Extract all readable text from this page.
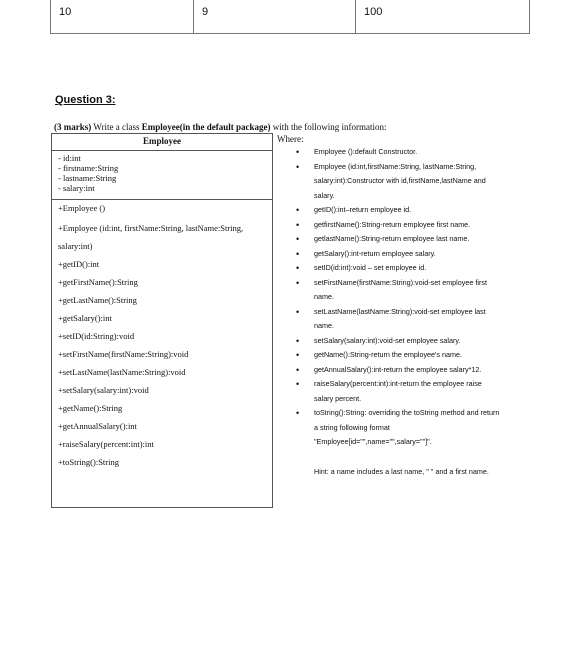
10	9	100
Question 3:
(3 marks) Write a class Employee(in the default package) with the following information:
Employee
- id:int
- firstname:String
- lastname:String
- salary:int
+Employee ()
+Employee (id:int, firstName:String, lastName:String,
salary:int)
+getID():int
+getFirstName():String
+getLastName():String
+getSalary():int
+setID(id:String):void
+setFirstName(firstName:String):void
+setLastName(lastName:String):void
+setSalary(salary:int):void
+getName():String
+getAnnualSalary():int
+raiseSalary(percent:int):int
+toString():String
Where:
• Employee ():default Constructor.
• Employee (id:int,firstName:String, lastName:String, salary:int):Constructor with id,firstName,lastName and salary.
• getID():int–return employee id.
• getfirstName():String-return employee first name.
• getlastName():String-return employee last name.
• getSalary():int-return employee salary.
• setID(id:int):void – set employee id.
• setFirstName(firstName:String):void-set employee first name.
• setLastName(lastName:String):void-set employee last name.
• setSalary(salary:int):void-set employee salary.
• getName():String-return the employee's name.
• getAnnualSalary():int-return the employee salary*12.
• raiseSalary(percent:int):int-return the employee raise salary percent.
• toString():String: overriding the toString method and return a string following format "Employee[id="",name="",salary=""]".
Hint: a name includes a last name, " " and a first name.
